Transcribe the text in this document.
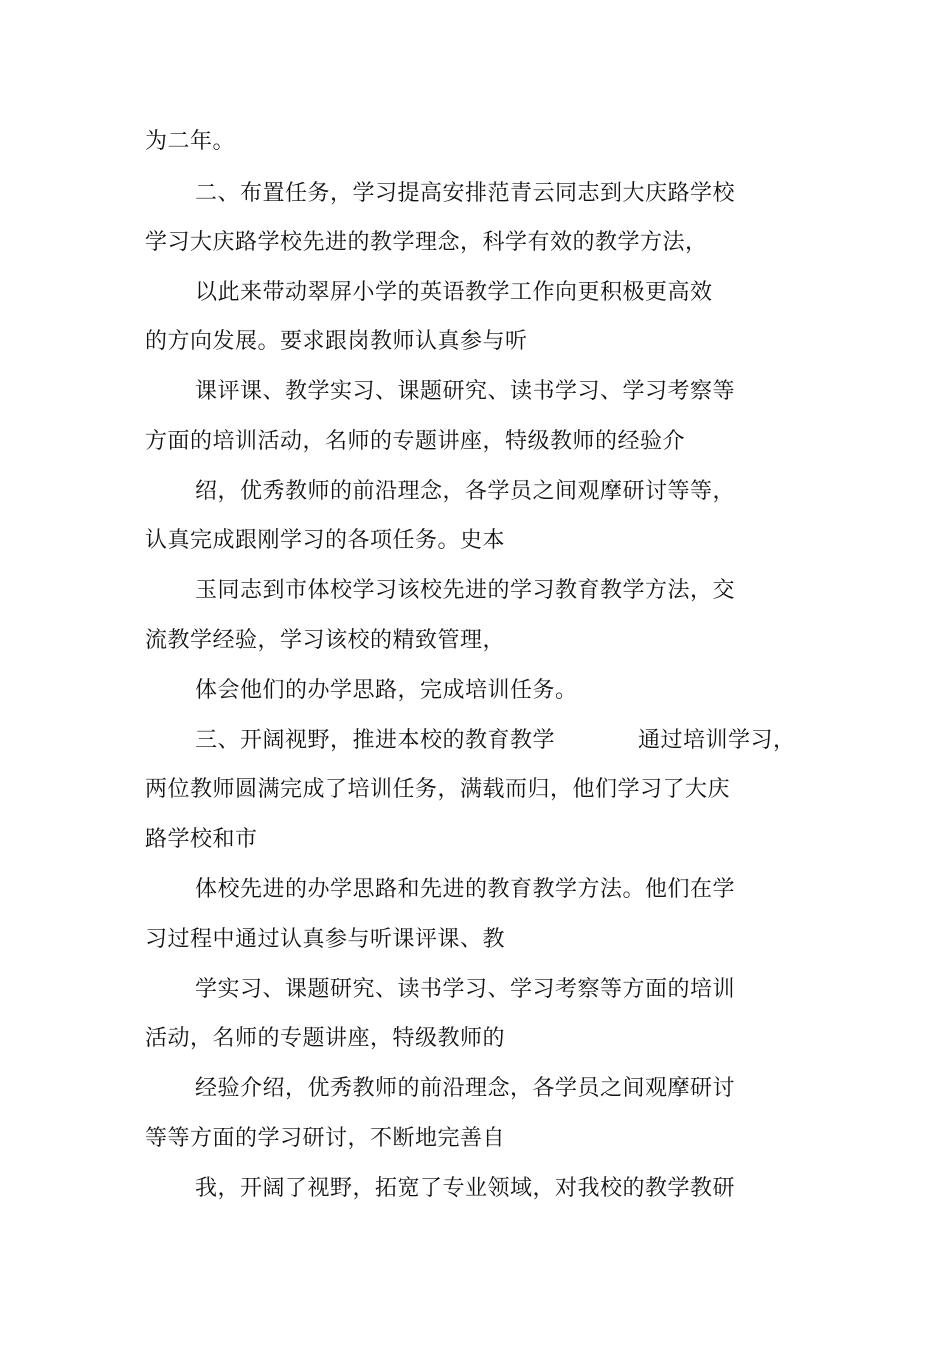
为二年。
二、布置任务，学习提高安排范青云同志到大庆路学校
学习大庆路学校先进的教学理念，科学有效的教学方法，
以此来带动翠屏小学的英语教学工作向更积极更高效
的方向发展。要求跟岗教师认真参与听
课评课、教学实习、课题研究、读书学习、学习考察等
方面的培训活动，名师的专题讲座，特级教师的经验介
绍，优秀教师的前沿理念，各学员之间观摩研讨等等，
认真完成跟刚学习的各项任务。史本
玉同志到市体校学习该校先进的学习教育教学方法，交
流教学经验，学习该校的精致管理，
体会他们的办学思路，完成培训任务。
三、开阔视野，推进本校的教育教学	通过培训学习，
两位教师圆满完成了培训任务，满载而归，他们学习了大庆
路学校和市
体校先进的办学思路和先进的教育教学方法。他们在学
习过程中通过认真参与听课评课、教
学实习、课题研究、读书学习、学习考察等方面的培训
活动，名师的专题讲座，特级教师的
经验介绍，优秀教师的前沿理念，各学员之间观摩研讨
等等方面的学习研讨，不断地完善自
我，开阔了视野，拓宽了专业领域，对我校的教学教研
